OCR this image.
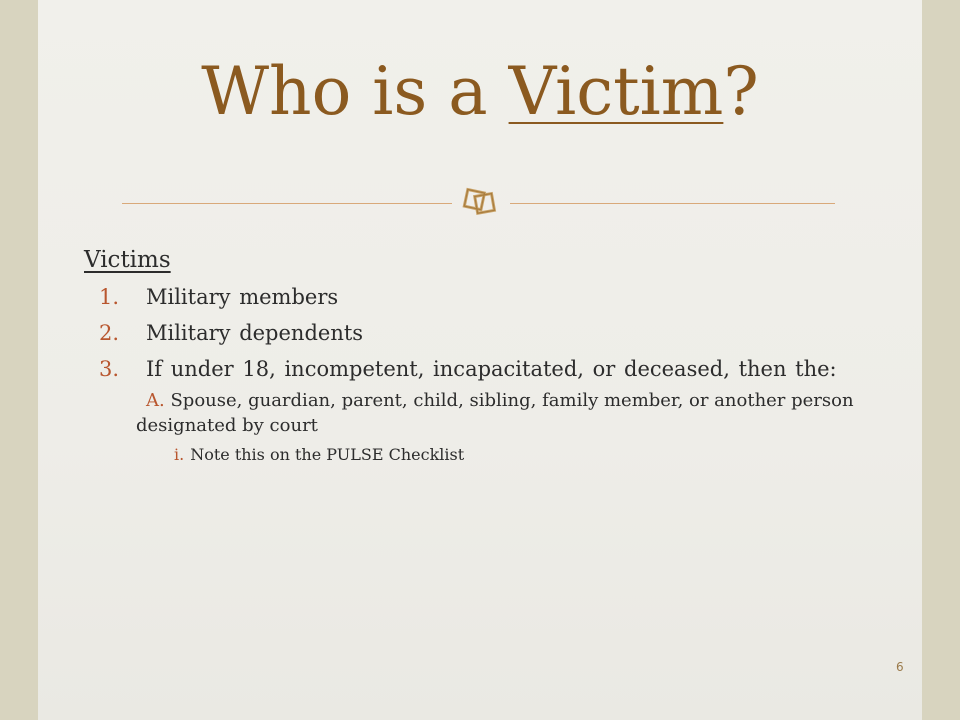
Who is a Victim?
Victims
1. Military members
2. Military dependents
3. If under 18, incompetent, incapacitated, or deceased, then the:
A. Spouse, guardian, parent, child, sibling, family member, or another person designated by court
i. Note this on the PULSE Checklist
6
